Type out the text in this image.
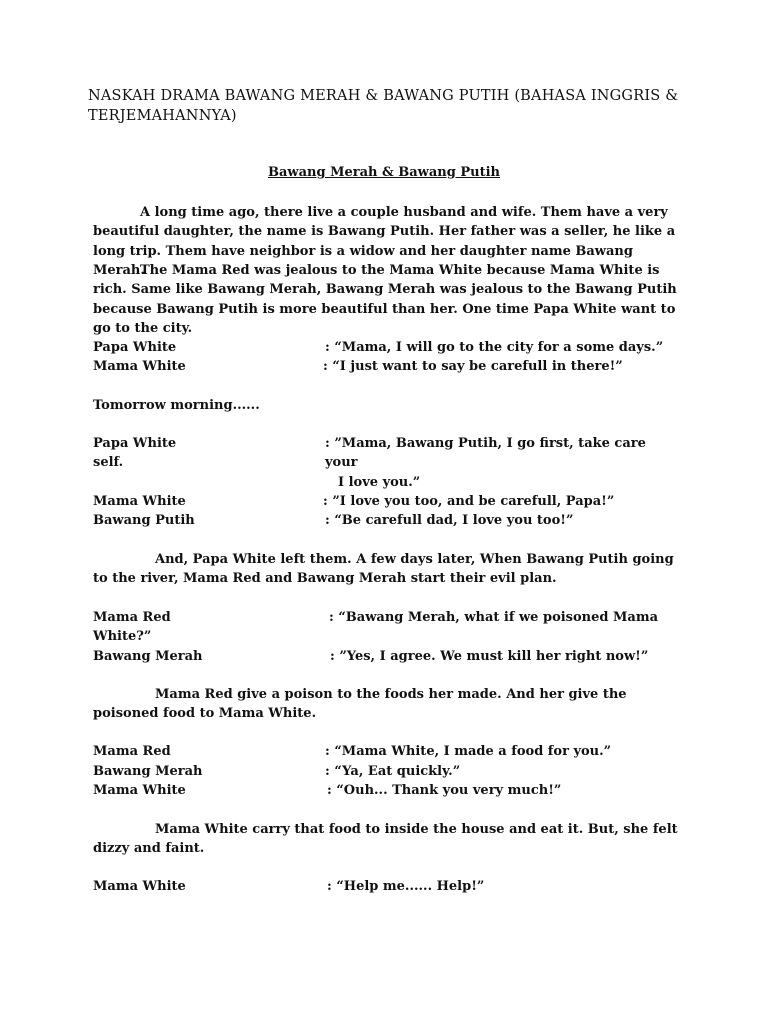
NASKAH DRAMA BAWANG MERAH & BAWANG PUTIH (BAHASA INGGRIS &
TERJEMAHANNYA)
Bawang Merah & Bawang Putih

A long time ago, there live a couple husband and wife. Them have a very beautiful daughter, the name is Bawang Putih. Her father was a seller, he like a long trip. Them have neighbor is a widow and her daughter name Bawang Merah.

The Mama Red was jealous to the Mama White because Mama White is rich. Same like Bawang Merah, Bawang Merah was jealous to the Bawang Putih because Bawang Putih is more beautiful than her. One time Papa White want to go to the city.

Papa White	: “Mama, I will go to the city for a some days.”
Mama White	: “I just want to say be carefull in there!”

Tomorrow morning......

Papa White	: ”Mama, Bawang Putih, I go first, take care your
self.
I love you.”
Mama White	: ”I love you too, and be carefull, Papa!”
Bawang Putih	: “Be carefull dad, I love you too!”

And, Papa White left them. A few days later, When Bawang Putih going to the river, Mama Red and Bawang Merah start their evil plan.

Mama Red	: “Bawang Merah, what if we poisoned Mama
White?”
Bawang Merah	: ”Yes, I agree. We must kill her right now!”

Mama Red give a poison to the foods her made. And her give the poisoned food to Mama White.

Mama Red	: “Mama White, I made a food for you.”
Bawang Merah	: “Ya, Eat quickly.”
Mama White	: “Ouh... Thank you very much!”

Mama White carry that food to inside the house and eat it. But, she felt dizzy and faint.

Mama White	: “Help me...... Help!”
